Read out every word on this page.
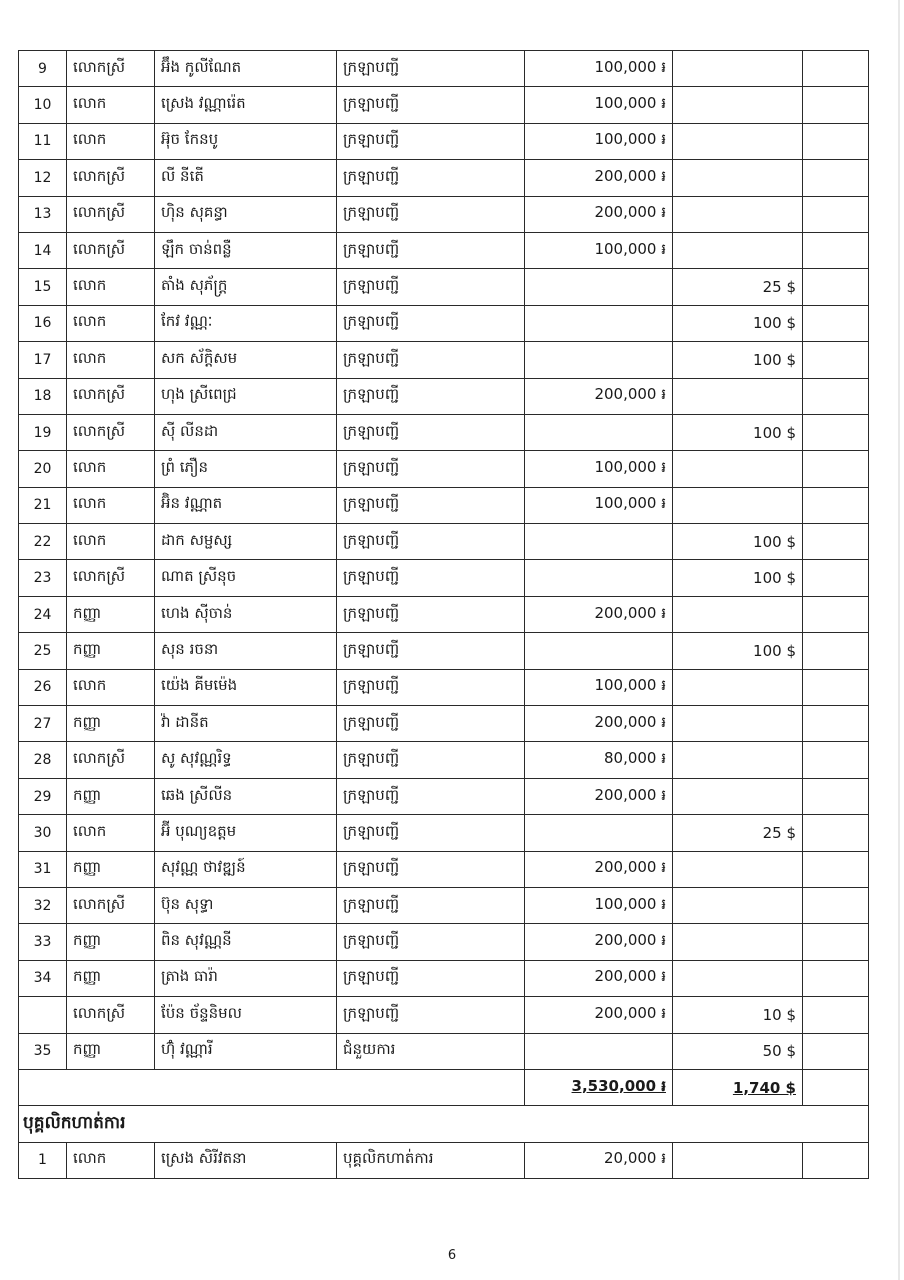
9	លោកស្រី	អ៊ឹង កូលីណែត	ក្រឡាបញ្ជី	100,000 ៛		
10	លោក	ស្រេង វណ្ណារ៉េត	ក្រឡាបញ្ជី	100,000 ៛		
11	លោក	អ៊ុច កែនបូ	ក្រឡាបញ្ជី	100,000 ៛		
12	លោកស្រី	លី នីតើ	ក្រឡាបញ្ជី	200,000 ៛		
13	លោកស្រី	ហ៊ិន សុគន្ធា	ក្រឡាបញ្ជី	200,000 ៛		
14	លោកស្រី	ឡឹក ចាន់ពន្លឺ	ក្រឡាបញ្ជី	100,000 ៛		
15	លោក	តាំង សុភ័ក្ត្រ	ក្រឡាបញ្ជី		25 $	
16	លោក	កែវ វណ្ណៈ	ក្រឡាបញ្ជី		100 $	
17	លោក	សក ស័ក្តិសម	ក្រឡាបញ្ជី		100 $	
18	លោកស្រី	ហុង ស្រីពេជ្រ	ក្រឡាបញ្ជី	200,000 ៛		
19	លោកស្រី	ស៊ី លីនដា	ក្រឡាបញ្ជី		100 $	
20	លោក	ព្រំ ភឿន	ក្រឡាបញ្ជី	100,000 ៛		
21	លោក	អ៊ិន វណ្ណាត	ក្រឡាបញ្ជី	100,000 ៛		
22	លោក	ដាក សម្ផស្ស	ក្រឡាបញ្ជី		100 $	
23	លោកស្រី	ណាត ស្រីនុច	ក្រឡាបញ្ជី		100 $	
24	កញ្ញា	ហេង ស៊ីចាន់	ក្រឡាបញ្ជី	200,000 ៛		
25	កញ្ញា	សុន រចនា	ក្រឡាបញ្ជី		100 $	
26	លោក	យ៉េង គីមម៉េង	ក្រឡាបញ្ជី	100,000 ៛		
27	កញ្ញា	វ៉ា ដានីត	ក្រឡាបញ្ជី	200,000 ៛		
28	លោកស្រី	សូ សុវណ្ណរិទ្ធ	ក្រឡាបញ្ជី	80,000 ៛		
29	កញ្ញា	ឆេង ស្រីលីន	ក្រឡាបញ្ជី	200,000 ៛		
30	លោក	អ៊ី បុណ្យឧត្តម	ក្រឡាបញ្ជី		25 $	
31	កញ្ញា	សុវណ្ណ ថាវឌ្ឍន៍	ក្រឡាបញ្ជី	200,000 ៛		
32	លោកស្រី	ប៊ុន សុទ្ធា	ក្រឡាបញ្ជី	100,000 ៛		
33	កញ្ញា	ពិន សុវណ្ណនី	ក្រឡាបញ្ជី	200,000 ៛		
34	កញ្ញា	ត្រាង ធារ៉ា	ក្រឡាបញ្ជី	200,000 ៛		
	លោកស្រី	ប៉ែន ច័ន្ទនិមល	ក្រឡាបញ្ជី	200,000 ៛	10 $	
35	កញ្ញា	ហ៊ុំ វណ្ណារី	ជំនួយការ		50 $	
				3,530,000 ៛	1,740 $	
បុគ្គលិកហាត់ការ						
1	លោក	ស្រេង សិរីវតនា	បុគ្គលិកហាត់ការ	20,000 ៛		
6
